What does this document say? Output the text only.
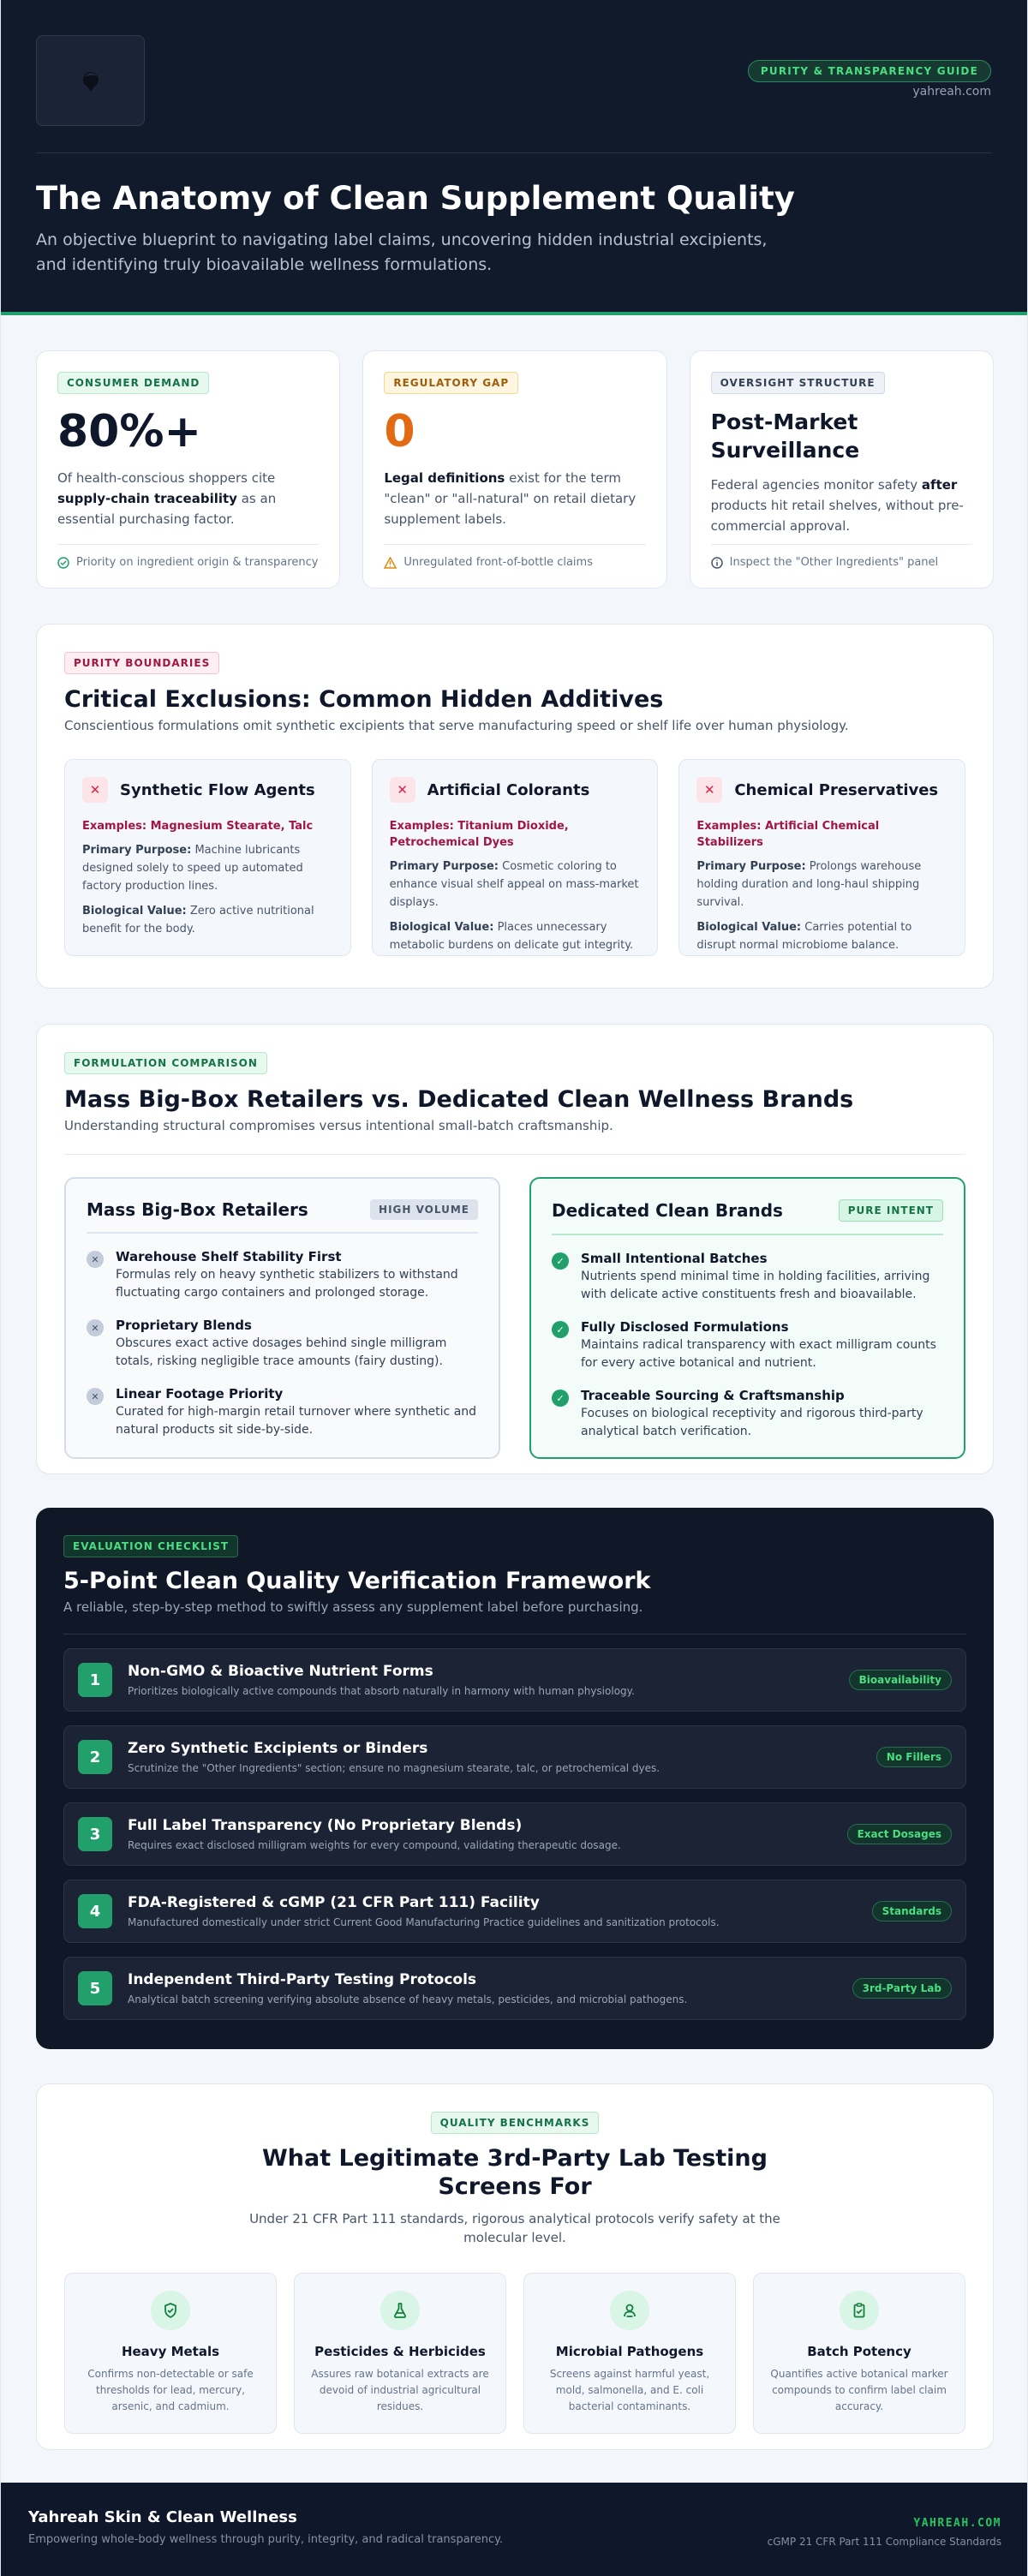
PURITY & TRANSPARENCY GUIDE
yahreah.com
The Anatomy of Clean Supplement Quality

An objective blueprint to navigating label claims, uncovering hidden industrial excipients, and identifying truly bioavailable wellness formulations.

CONSUMER DEMAND
80%+

Of health-conscious shoppers cite supply-chain traceability as an essential purchasing factor.

Priority on ingredient origin & transparency
REGULATORY GAP
0

Legal definitions exist for the term "clean" or "all-natural" on retail dietary supplement labels.

Unregulated front-of-bottle claims
OVERSIGHT STRUCTURE
Post-Market Surveillance

Federal agencies monitor safety after products hit retail shelves, without pre-commercial approval.

Inspect the "Other Ingredients" panel
PURITY BOUNDARIES
Critical Exclusions: Common Hidden Additives

Conscientious formulations omit synthetic excipients that serve manufacturing speed or shelf life over human physiology.

✕	Synthetic Flow Agents
Examples: Magnesium Stearate, Talc

Primary Purpose: Machine lubricants designed solely to speed up automated factory production lines.

Biological Value: Zero active nutritional benefit for the body.

✕	Artificial Colorants
Examples: Titanium Dioxide, Petrochemical Dyes

Primary Purpose: Cosmetic coloring to enhance visual shelf appeal on mass-market displays.

Biological Value: Places unnecessary metabolic burdens on delicate gut integrity.

✕	Chemical Preservatives
Examples: Artificial Chemical Stabilizers

Primary Purpose: Prolongs warehouse holding duration and long-haul shipping survival.

Biological Value: Carries potential to disrupt normal microbiome balance.

FORMULATION COMPARISON
Mass Big-Box Retailers vs. Dedicated Clean Wellness Brands

Understanding structural compromises versus intentional small-batch craftsmanship.

Mass Big-Box Retailers	HIGH VOLUME
✕	Warehouse Shelf Stability First
Formulas rely on heavy synthetic stabilizers to withstand fluctuating cargo containers and prolonged storage.
✕	Proprietary Blends
Obscures exact active dosages behind single milligram totals, risking negligible trace amounts (fairy dusting).
✕	Linear Footage Priority
Curated for high-margin retail turnover where synthetic and natural products sit side-by-side.
Dedicated Clean Brands	PURE INTENT
✓	Small Intentional Batches
Nutrients spend minimal time in holding facilities, arriving with delicate active constituents fresh and bioavailable.
✓	Fully Disclosed Formulations
Maintains radical transparency with exact milligram counts for every active botanical and nutrient.
✓	Traceable Sourcing & Craftsmanship
Focuses on biological receptivity and rigorous third-party analytical batch verification.
EVALUATION CHECKLIST
5-Point Clean Quality Verification Framework

A reliable, step-by-step method to swiftly assess any supplement label before purchasing.

1	Non-GMO & Bioactive Nutrient Forms
Prioritizes biologically active compounds that absorb naturally in harmony with human physiology.
Bioavailability
2	Zero Synthetic Excipients or Binders
Scrutinize the "Other Ingredients" section; ensure no magnesium stearate, talc, or petrochemical dyes.
No Fillers
3	Full Label Transparency (No Proprietary Blends)
Requires exact disclosed milligram weights for every compound, validating therapeutic dosage.
Exact Dosages
4	FDA-Registered & cGMP (21 CFR Part 111) Facility
Manufactured domestically under strict Current Good Manufacturing Practice guidelines and sanitization protocols.
Standards
5	Independent Third-Party Testing Protocols
Analytical batch screening verifying absolute absence of heavy metals, pesticides, and microbial pathogens.
3rd-Party Lab
QUALITY BENCHMARKS
What Legitimate 3rd-Party Lab Testing Screens For

Under 21 CFR Part 111 standards, rigorous analytical protocols verify safety at the molecular level.

Heavy Metals
Confirms non-detectable or safe thresholds for lead, mercury, arsenic, and cadmium.
Pesticides & Herbicides
Assures raw botanical extracts are devoid of industrial agricultural residues.
Microbial Pathogens
Screens against harmful yeast, mold, salmonella, and E. coli bacterial contaminants.
Batch Potency
Quantifies active botanical marker compounds to confirm label claim accuracy.
Yahreah Skin & Clean Wellness
Empowering whole-body wellness through purity, integrity, and radical transparency.
YAHREAH.COM
cGMP 21 CFR Part 111 Compliance Standards
